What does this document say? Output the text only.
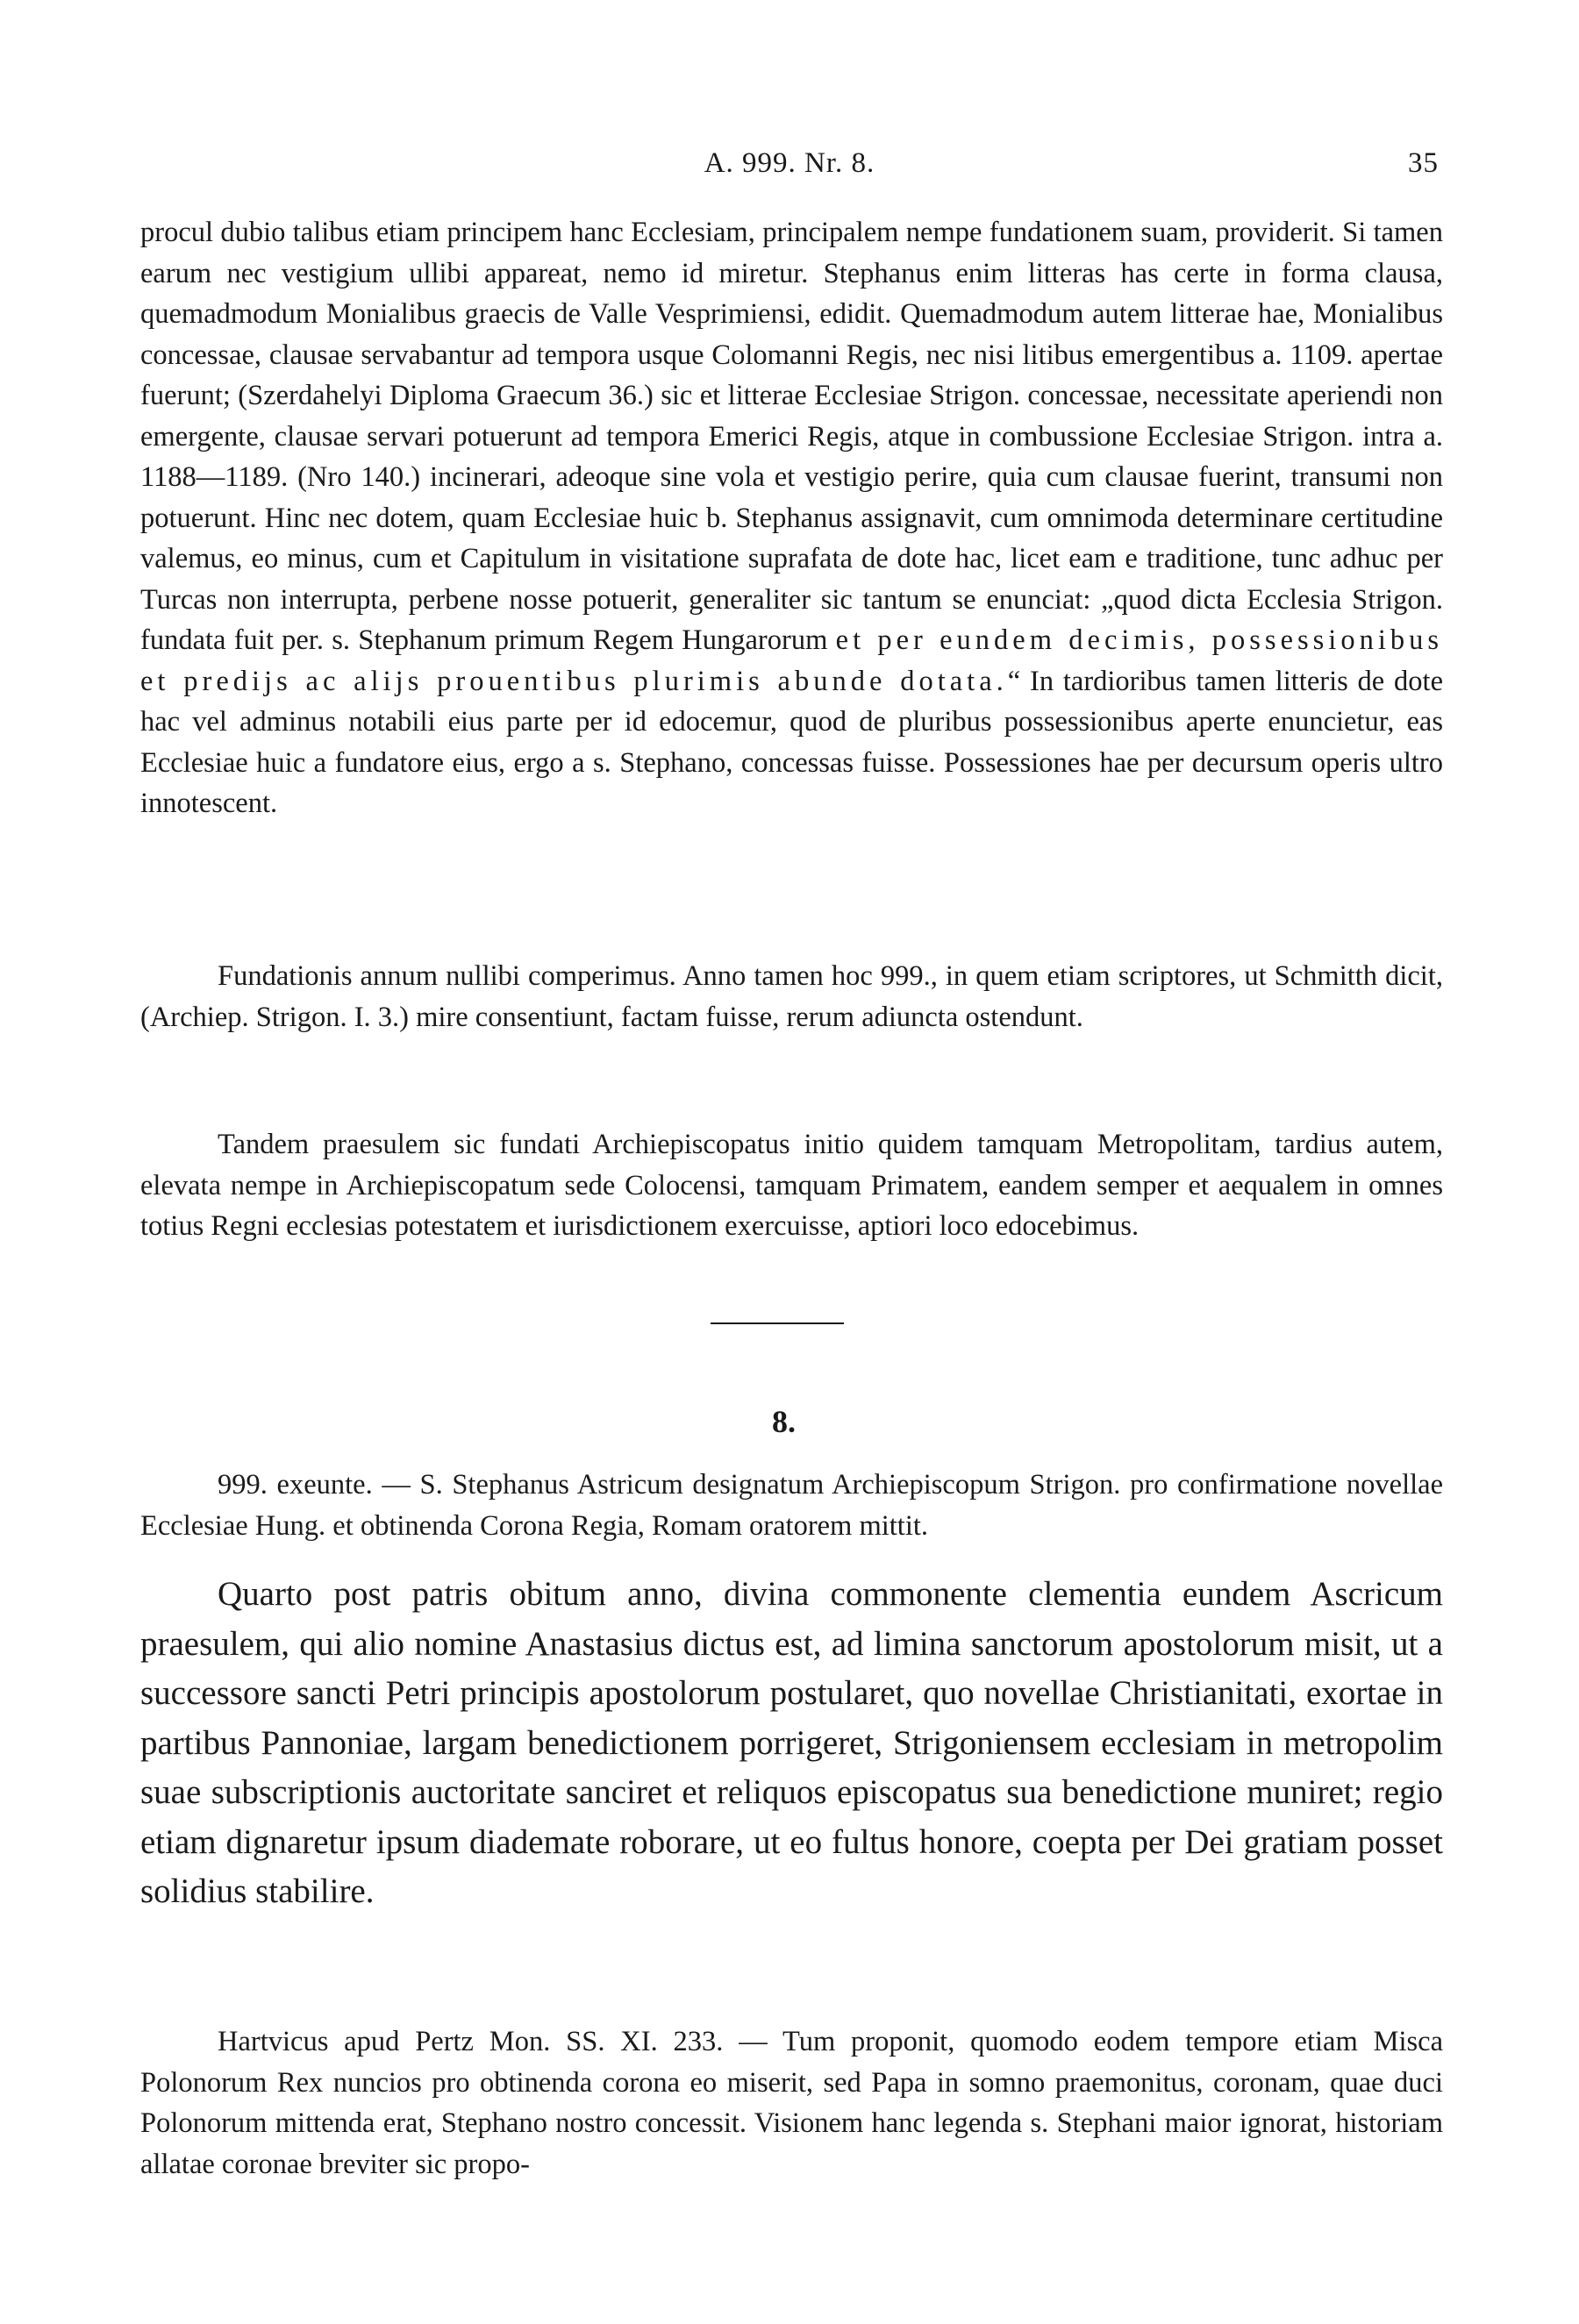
A. 999. Nr. 8.	35

procul dubio talibus etiam principem hanc Ecclesiam, principalem nempe fundationem suam, providerit. Si tamen earum nec vestigium ullibi appareat, nemo id miretur. Stephanus enim litteras has certe in forma clausa, quemadmodum Monialibus graecis de Valle Vesprimiensi, edidit. Quemadmodum autem litterae hae, Monialibus concessae, clausae servabantur ad tempora usque Colomanni Regis, nec nisi litibus emergentibus a. 1109. apertae fuerunt; (Szerdahelyi Diploma Graecum 36.) sic et litterae Ecclesiae Strigon. concessae, necessitate aperiendi non emergente, clausae servari potuerunt ad tempora Emerici Regis, atque in combussione Ecclesiae Strigon. intra a. 1188—1189. (Nro 140.) incinerari, adeoque sine vola et vestigio perire, quia cum clausae fuerint, transumi non potuerunt. Hinc nec dotem, quam Ecclesiae huic b. Stephanus assignavit, cum omnimoda determinare certitudine valemus, eo minus, cum et Capitulum in visitatione suprafata de dote hac, licet eam e traditione, tunc adhuc per Turcas non interrupta, perbene nosse potuerit, generaliter sic tantum se enunciat: „quod dicta Ecclesia Strigon. fundata fuit per. s. Stephanum primum Regem Hungarorum et per eundem decimis, possessionibus et predijs ac alijs prouentibus plurimis abunde dotata.“ In tardioribus tamen litteris de dote hac vel adminus notabili eius parte per id edocemur, quod de pluribus possessionibus aperte enuncietur, eas Ecclesiae huic a fundatore eius, ergo a s. Stephano, concessas fuisse. Possessiones hae per decursum operis ultro innotescent.

Fundationis annum nullibi comperimus. Anno tamen hoc 999., in quem etiam scriptores, ut Schmitth dicit, (Archiep. Strigon. I. 3.) mire consentiunt, factam fuisse, rerum adiuncta ostendunt.

Tandem praesulem sic fundati Archiepiscopatus initio quidem tamquam Metropolitam, tardius autem, elevata nempe in Archiepiscopatum sede Colocensi, tamquam Primatem, eandem semper et aequalem in omnes totius Regni ecclesias potestatem et iurisdictionem exercuisse, aptiori loco edocebimus.

8.

999. exeunte. — S. Stephanus Astricum designatum Archiepiscopum Strigon. pro confirmatione novellae Ecclesiae Hung. et obtinenda Corona Regia, Romam oratorem mittit.

Quarto post patris obitum anno, divina commonente clementia eundem Ascricum praesulem, qui alio nomine Anastasius dictus est, ad limina sanctorum apostolorum misit, ut a successore sancti Petri principis apostolorum postularet, quo novellae Christianitati, exortae in partibus Pannoniae, largam benedictionem porrigeret, Strigoniensem ecclesiam in metropolim suae subscriptionis auctoritate sanciret et reliquos episcopatus sua benedictione muniret; regio etiam dignaretur ipsum diademate roborare, ut eo fultus honore, coepta per Dei gratiam posset solidius stabilire.

Hartvicus apud Pertz Mon. SS. XI. 233. — Tum proponit, quomodo eodem tempore etiam Misca Polonorum Rex nuncios pro obtinenda corona eo miserit, sed Papa in somno praemonitus, coronam, quae duci Polonorum mittenda erat, Stephano nostro concessit. Visionem hanc legenda s. Stephani maior ignorat, historiam allatae coronae breviter sic propo-
